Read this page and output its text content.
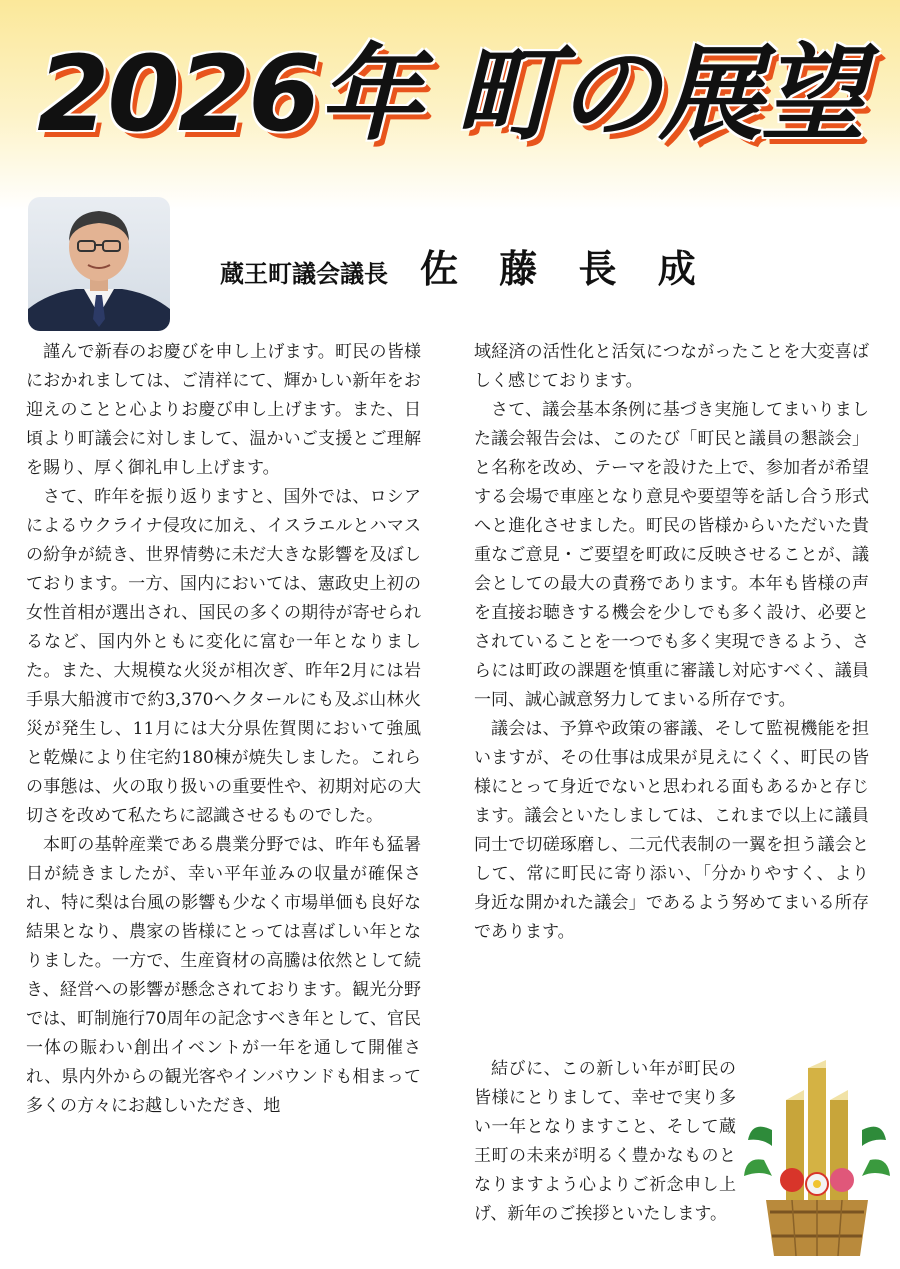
2026年 町の展望
蔵王町議会議長 佐 藤 長 成

謹んで新春のお慶びを申し上げます。町民の皆様におかれましては、ご清祥にて、輝かしい新年をお迎えのことと心よりお慶び申し上げます。また、日頃より町議会に対しまして、温かいご支援とご理解を賜り、厚く御礼申し上げます。

さて、昨年を振り返りますと、国外では、ロシアによるウクライナ侵攻に加え、イスラエルとハマスの紛争が続き、世界情勢に未だ大きな影響を及ぼしております。一方、国内においては、憲政史上初の女性首相が選出され、国民の多くの期待が寄せられるなど、国内外ともに変化に富む一年となりました。また、大規模な火災が相次ぎ、昨年2月には岩手県大船渡市で約3,370ヘクタールにも及ぶ山林火災が発生し、11月には大分県佐賀関において強風と乾燥により住宅約180棟が焼失しました。これらの事態は、火の取り扱いの重要性や、初期対応の大切さを改めて私たちに認識させるものでした。

本町の基幹産業である農業分野では、昨年も猛暑日が続きましたが、幸い平年並みの収量が確保され、特に梨は台風の影響も少なく市場単価も良好な結果となり、農家の皆様にとっては喜ばしい年となりました。一方で、生産資材の高騰は依然として続き、経営への影響が懸念されております。観光分野では、町制施行70周年の記念すべき年として、官民一体の賑わい創出イベントが一年を通して開催され、県内外からの観光客やインバウンドも相まって多くの方々にお越しいただき、地

域経済の活性化と活気につながったことを大変喜ばしく感じております。

さて、議会基本条例に基づき実施してまいりました議会報告会は、このたび「町民と議員の懇談会」と名称を改め、テーマを設けた上で、参加者が希望する会場で車座となり意見や要望等を話し合う形式へと進化させました。町民の皆様からいただいた貴重なご意見・ご要望を町政に反映させることが、議会としての最大の責務であります。本年も皆様の声を直接お聴きする機会を少しでも多く設け、必要とされていることを一つでも多く実現できるよう、さらには町政の課題を慎重に審議し対応すべく、議員一同、誠心誠意努力してまいる所存です。

議会は、予算や政策の審議、そして監視機能を担いますが、その仕事は成果が見えにくく、町民の皆様にとって身近でないと思われる面もあるかと存じます。議会といたしましては、これまで以上に議員同士で切磋琢磨し、二元代表制の一翼を担う議会として、常に町民に寄り添い、「分かりやすく、より身近な開かれた議会」であるよう努めてまいる所存であります。

結びに、この新しい年が町民の皆様にとりまして、幸せで実り多い一年となりますこと、そして蔵王町の未来が明るく豊かなものとなりますよう心よりご祈念申し上げ、新年のご挨拶といたします。
